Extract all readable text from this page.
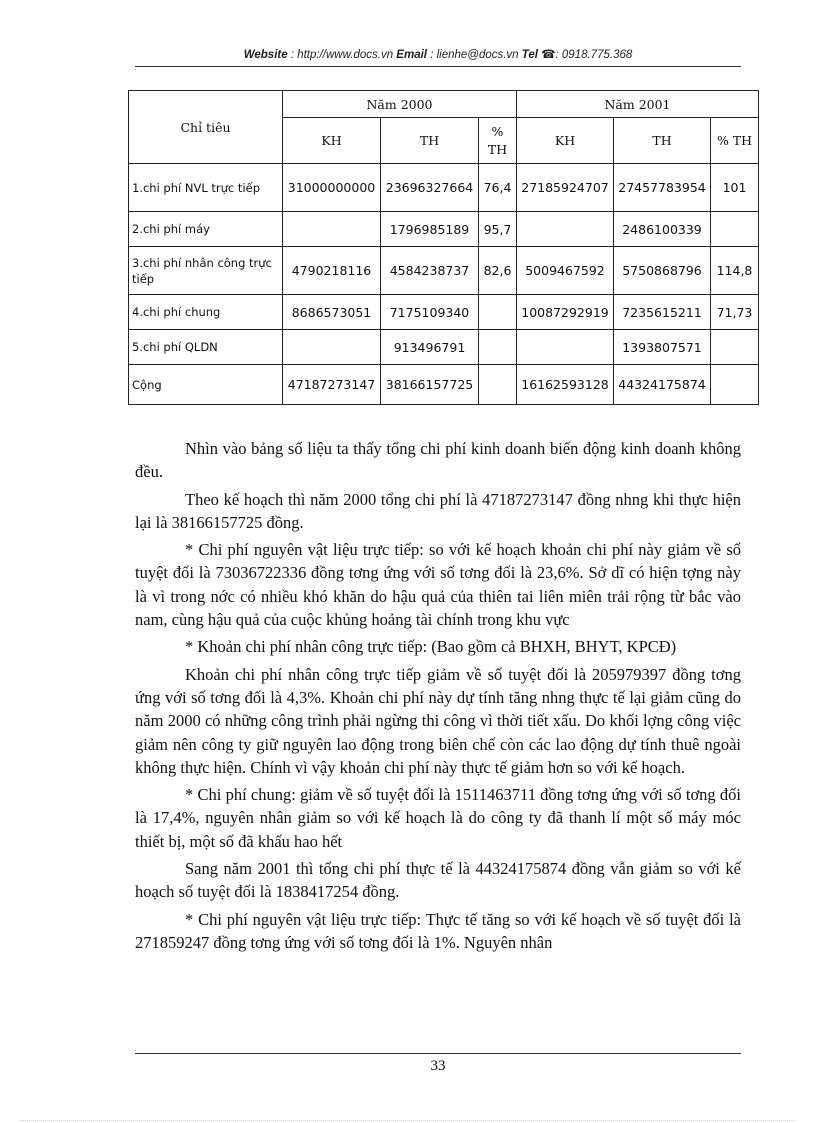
Website : http://www.docs.vn Email : lienhe@docs.vn Tel ☎: 0918.775.368
Chỉ tiêu	Năm 2000			Năm 2001		
	KH	TH	% TH	KH	TH	% TH
1.chi phí NVL trực tiếp	31000000000	23696327664	76,4	27185924707	27457783954	101
2.chi phí máy		1796985189	95,7		2486100339	
3.chi phí nhân công trực tiếp	4790218116	4584238737	82,6	5009467592	5750868796	114,8
4.chi phí chung	8686573051	7175109340		10087292919	7235615211	71,73
5.chi phí QLDN		913496791			1393807571	
Cộng	47187273147	38166157725		16162593128	44324175874	

Nhìn vào bảng số liệu ta thấy tổng chi phí kinh doanh biến động kinh doanh không đều.

Theo kế hoạch thì năm 2000 tổng chi phí là 47187273147 đồng nhng khi thực hiện lại là 38166157725 đồng.

* Chi phí nguyên vật liệu trực tiếp: so với kế hoạch khoản chi phí này giảm về số tuyệt đối là 73036722336 đồng tơng ứng với số tơng đối là 23,6%. Sở dĩ có hiện tợng này là vì trong nớc có nhiều khó khăn do hậu quả của thiên tai liên miên trải rộng từ bắc vào nam, cùng hậu quả của cuộc khủng hoảng tài chính trong khu vực

* Khoản chi phí nhân công trực tiếp: (Bao gồm cả BHXH, BHYT, KPCĐ)

Khoản chi phí nhân công trực tiếp giảm về số tuyệt đối là 205979397 đồng tơng ứng với số tơng đối là 4,3%. Khoản chi phí này dự tính tăng nhng thực tế lại giảm cũng do năm 2000 có những công trình phải ngừng thi công vì thời tiết xấu. Do khối lợng công việc giảm nên công ty giữ nguyên lao động trong biên chế còn các lao động dự tính thuê ngoài không thực hiện. Chính vì vậy khoản chi phí này thực tế giảm hơn so với kế hoạch.

* Chi phí chung: giảm về số tuyệt đối là 1511463711 đồng tơng ứng với số tơng đối là 17,4%, nguyên nhân giảm so với kế hoạch là do công ty đã thanh lí một số máy móc thiết bị, một số đã khấu hao hết

Sang năm 2001 thì tổng chi phí thực tế là 44324175874 đồng vẫn giảm so với kế hoạch số tuyệt đối là 1838417254 đồng.

* Chi phí nguyên vật liệu trực tiếp: Thực tế tăng so với kế hoạch về số tuyệt đối là 271859247 đồng tơng ứng với số tơng đối là 1%. Nguyên nhân

33
